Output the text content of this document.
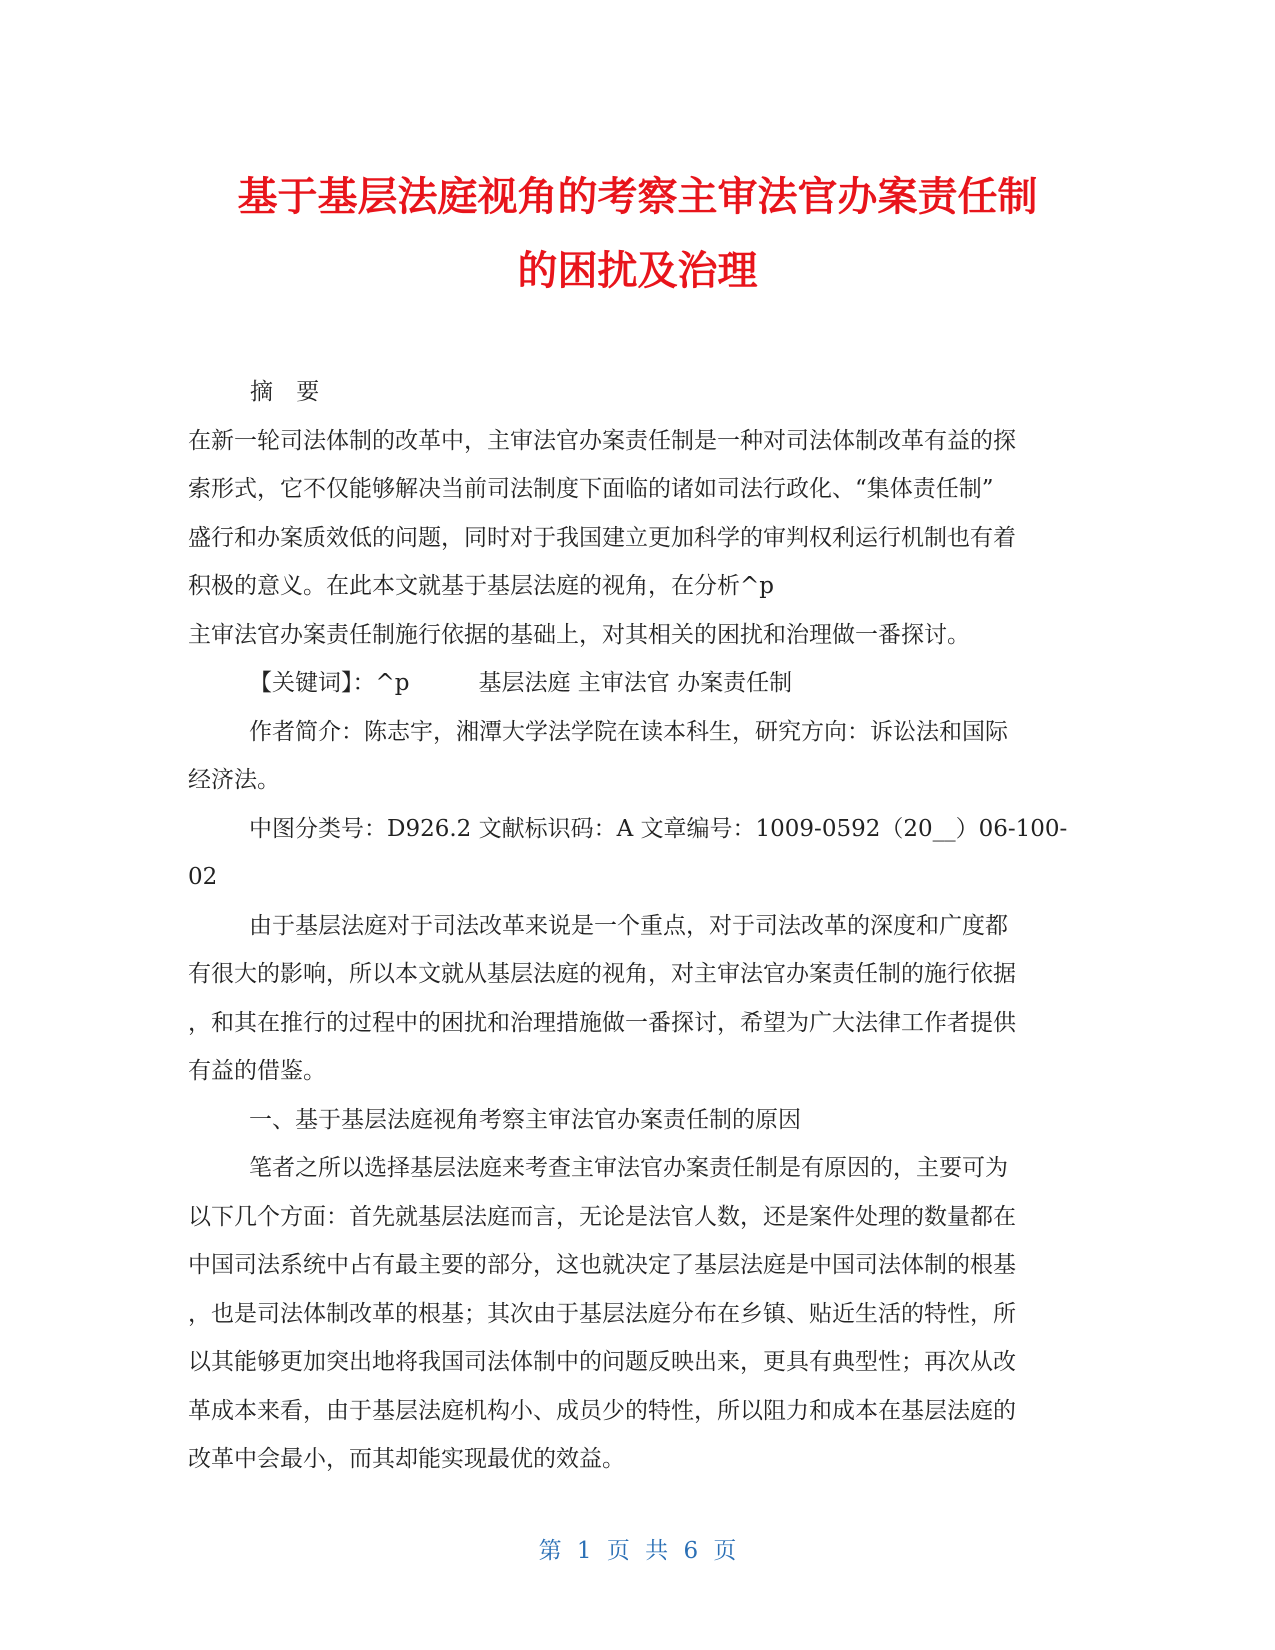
基于基层法庭视角的考察主审法官办案责任制
的困扰及治理

摘 要

在新一轮司法体制的改革中，主审法官办案责任制是一种对司法体制改革有益的探
索形式，它不仅能够解决当前司法制度下面临的诸如司法行政化、“集体责任制”
盛行和办案质效低的问题，同时对于我国建立更加科学的审判权利运行机制也有着
积极的意义。在此本文就基于基层法庭的视角，在分析^p
主审法官办案责任制施行依据的基础上，对其相关的困扰和治理做一番探讨。

【关键词】：^p　　　基层法庭 主审法官 办案责任制

作者简介：陈志宇，湘潭大学法学院在读本科生，研究方向：诉讼法和国际
经济法。
中图分类号：D926.2 文献标识码：A 文章编号：1009-0592（20__）06-100-
02
由于基层法庭对于司法改革来说是一个重点，对于司法改革的深度和广度都
有很大的影响，所以本文就从基层法庭的视角，对主审法官办案责任制的施行依据
，和其在推行的过程中的困扰和治理措施做一番探讨，希望为广大法律工作者提供
有益的借鉴。

一、基于基层法庭视角考察主审法官办案责任制的原因

笔者之所以选择基层法庭来考查主审法官办案责任制是有原因的，主要可为
以下几个方面：首先就基层法庭而言，无论是法官人数，还是案件处理的数量都在
中国司法系统中占有最主要的部分，这也就决定了基层法庭是中国司法体制的根基
，也是司法体制改革的根基；其次由于基层法庭分布在乡镇、贴近生活的特性，所
以其能够更加突出地将我国司法体制中的问题反映出来，更具有典型性；再次从改
革成本来看，由于基层法庭机构小、成员少的特性，所以阻力和成本在基层法庭的
改革中会最小，而其却能实现最优的效益。
第 1 页 共 6 页
